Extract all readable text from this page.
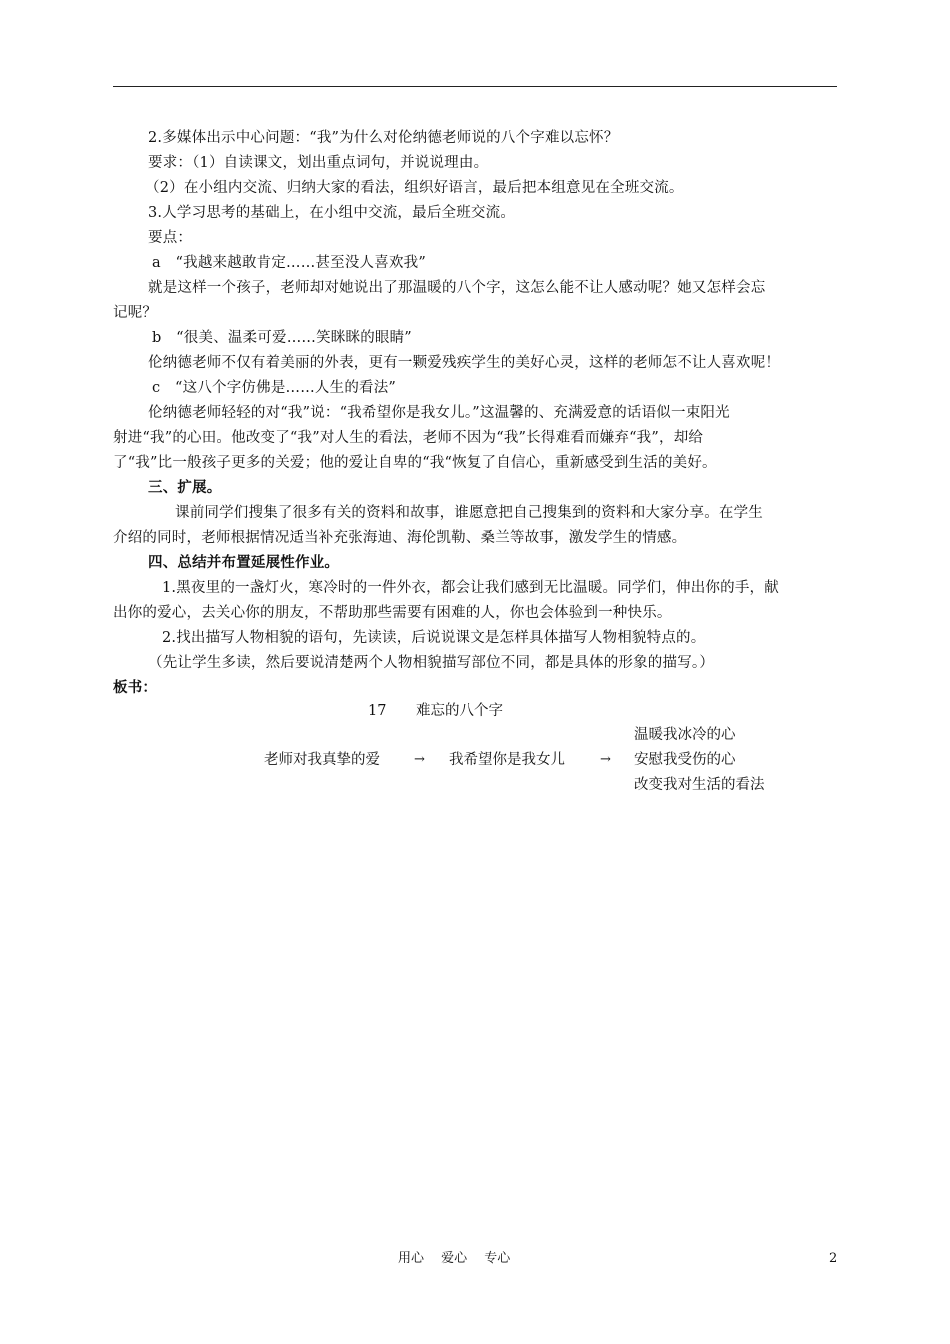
2.多媒体出示中心问题：“我”为什么对伦纳德老师说的八个字难以忘怀？
要求：（1）自读课文，划出重点词句，并说说理由。
（2）在小组内交流、归纳大家的看法，组织好语言，最后把本组意见在全班交流。
3.人学习思考的基础上，在小组中交流，最后全班交流。
要点：
a　“我越来越敢肯定……甚至没人喜欢我”
就是这样一个孩子，老师却对她说出了那温暖的八个字，这怎么能不让人感动呢？她又怎样会忘
记呢？
b　“很美、温柔可爱……笑眯眯的眼睛”
伦纳德老师不仅有着美丽的外表，更有一颗爱残疾学生的美好心灵，这样的老师怎不让人喜欢呢！
c　“这八个字仿佛是……人生的看法”
伦纳德老师轻轻的对“我”说：“我希望你是我女儿。”这温馨的、充满爱意的话语似一束阳光
射进“我”的心田。他改变了“我”对人生的看法，老师不因为“我”长得难看而嫌弃“我”，却给
了“我”比一般孩子更多的关爱；他的爱让自卑的“我“恢复了自信心，重新感受到生活的美好。
三、扩展。
课前同学们搜集了很多有关的资料和故事，谁愿意把自己搜集到的资料和大家分享。在学生
介绍的同时，老师根据情况适当补充张海迪、海伦凯勒、桑兰等故事，激发学生的情感。
四、总结并布置延展性作业。
1.黑夜里的一盏灯火，寒冷时的一件外衣，都会让我们感到无比温暖。同学们，伸出你的手，献
出你的爱心，去关心你的朋友，不帮助那些需要有困难的人，你也会体验到一种快乐。
2.找出描写人物相貌的语句，先读读，后说说课文是怎样具体描写人物相貌特点的。
（先让学生多读，然后要说清楚两个人物相貌描写部位不同，都是具体的形象的描写。）
板书：
17 难忘的八个字
温暖我冰冷的心
老师对我真挚的爱	→ 我希望你是我女儿	→ 安慰我受伤的心
改变我对生活的看法
用心　 爱心　 专心	2
